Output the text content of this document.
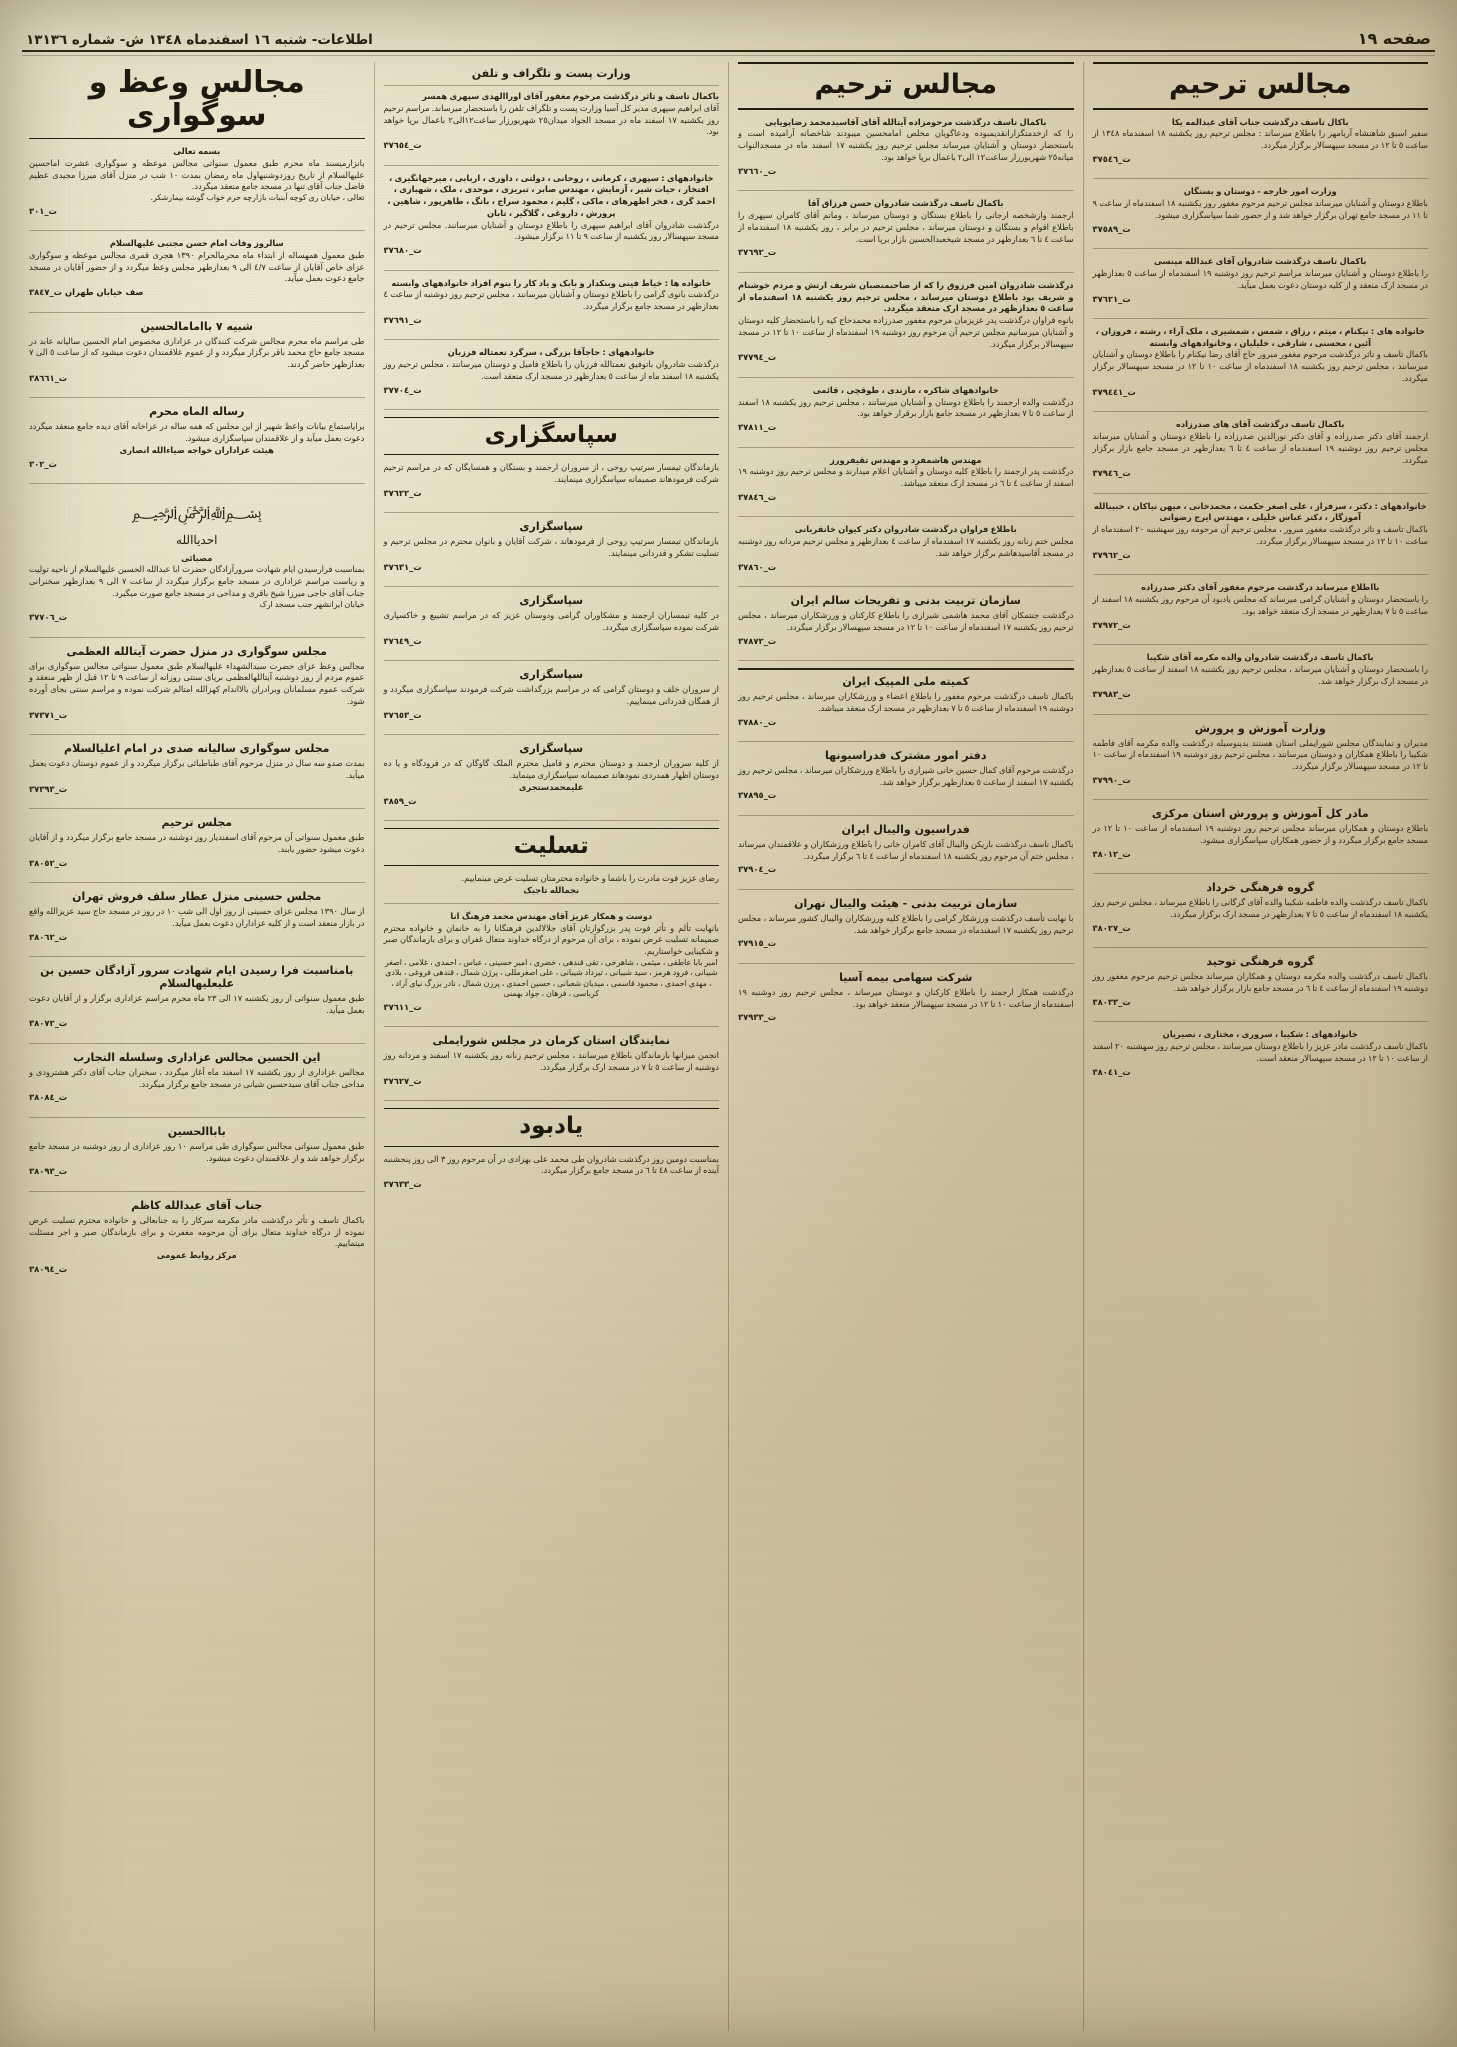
صفحه ١٩
اطلاعات- شنبه ١٦ اسفندماه ١٣٤٨ ش- شماره ١٣١٣٦
مجالس ترحیم

باکال تاسف درگذشت جناب آقای عبدالمه یکا

سفیر اسبق شاهنشاه آریامهر را باطلاع میرساند : مجلس ترحیم روز یکشنبه ١٨ اسفندماه ١٣٤٨ از ساعت ٥ تا ١٢ در مسجد سپهسالار برگزار میگردد.

ت_٣٧٥٤٦

وزارت امور خارجه - دوستان و بستگان

باطلاع دوستان و آشنایان میرساند مجلس ترحیم مرحوم مغفور روز یکشنبه ١٨ اسفندماه از ساعت ٩ تا ١١ در مسجد جامع تهران برگزار خواهد شد و از حضور شما سپاسگزاری میشود.

ت_٣٧٥٨٩

باکمال تاسف درگذشت شادروان آقای عبدالله مینسی

را باطلاع دوستان و آشنایان میرساند مراسم ترحیم روز دوشنبه ١٩ اسفندماه از ساعت ٥ بعدازظهر در مسجد ارک منعقد و از کلیه دوستان دعوت بعمل میآید.

ت_٣٧٦٢١

خانواده های : نیکنام ، میثم ، رزاق ، شمس ، شمشیری ، ملک آراء ، رشته ، فروزان ، آئین ، محسنی ، شارقی ، خلیلیان ، وخانوادههای وابسته

باکمال تاسف و تاثر درگذشت مرحوم مغفور مبرور حاج آقای رضا نیکنام را باطلاع دوستان و آشنایان میرسانند ، مجلس ترحیم روز یکشنبه ١٨ اسفندماه از ساعت ١٠ تا ١٢ در مسجد سپهسالار برگزار میگردد.

ت_٣٧٩٤٤١

باکمال تاسف درگذشت آقای های صدرزاده

ارجمند آقای دکتر صدرزاده و آقای دکتر نورالدین صدرزاده را باطلاع دوستان و آشنایان میرساند مجلس ترحیم روز دوشنبه ١٩ اسفندماه از ساعت ٤ تا ٦ بعدازظهر در مسجد جامع بازار برگزار میگردد.

ت_٣٧٩٤٦

خانوادههای : دکتر ، سرفراز ، علی اصغر حکمت ، محمدخانی ، میهن نیاکان ، حبیبالله آموزگار ، دکتر عباس خلیلی ، مهندس ایرج رضوانی

باکمال تاسف و تاثر درگذشت مغفور مبرور ، مجلس ترحیم آن مرحومه روز سهشنبه ٢٠ اسفندماه از ساعت ١٠ تا ١٢ در مسجد سپهسالار برگزار میگردد.

ت_٣٧٩٦٢

بااطلاع میرساند درگذشت مرحوم مغفور آقای دکتر صدرزاده

را باستحضار دوستان و آشنایان گرامی میرساند که مجلس یادبود آن مرحوم روز یکشنبه ١٨ اسفند از ساعت ٥ تا ٧ بعدازظهر در مسجد ارک منعقد خواهد بود.

ت_٣٧٩٧٢

باکمال تاسف درگذشت شادروان والده مکرمه آقای شکیبا

را باستحضار دوستان و آشنایان میرساند ، مجلس ترحیم روز یکشنبه ١٨ اسفند از ساعت ٥ بعدازظهر در مسجد ارک برگزار خواهد شد.

ت_٣٧٩٨٣

وزارت آموزش و پرورش

مدیران و نمایندگان مجلس شورایملی استان هستند بدینوسیله درگذشت والده مکرمه آقای فاطمه شکیبا را باطلاع همکاران و دوستان میرسانند ، مجلس ترحیم روز دوشنبه ١٩ اسفندماه از ساعت ١٠ تا ١٢ در مسجد سپهسالار برگزار میگردد.

ت_٣٧٩٩٠

مادر کل آموزش و پرورش استان مرکزی

باطلاع دوستان و همکاران میرساند مجلس ترحیم روز دوشنبه ١٩ اسفندماه از ساعت ١٠ تا ١٢ در مسجد جامع برگزار میگردد و از حضور همکاران سپاسگزاری میشود.

ت_٣٨٠١٢

گروه فرهنگی خرداد

باکمال تاسف درگذشت والده فاطمه شکیبا والده آقای گرگانی را باطلاع میرساند ، مجلس ترحیم روز یکشنبه ١٨ اسفندماه از ساعت ٥ تا ٧ بعدازظهر در مسجد ارک برگزار میگردد.

ت_٣٨٠٢٧

گروه فرهنگی توحید

باکمال تاسف درگذشت والده مکرمه دوستان و همکاران میرساند مجلس ترحیم مرحوم مغفور روز دوشنبه ١٩ اسفندماه از ساعت ٤ تا ٦ در مسجد جامع بازار برگزار خواهد شد.

ت_٣٨٠٣٣

خانوادههای : شکیبا ، سروری ، مختاری ، نصیریان

باکمال تاسف درگذشت مادر عزیز را باطلاع دوستان میرسانند ، مجلس ترحیم روز سهشنبه ٢٠ اسفند از ساعت ١٠ تا ١٢ در مسجد سپهسالار منعقد است.

ت_٣٨٠٤١

مجالس ترحیم

باکمال تاسف درگذشت مرحومزاده آیتالله آقای آقاسیدمحمد رضاپویایی

را که ازخدمتگزارانقدیمبوده ودعاگویان مخلص امامحسین میبودند شاخصانه آرامیده است و باستحضار دوستان و آشنایان میرساند مجلس ترحیم روز یکشنبه ١٧ اسفند ماه در مسجدالنواب میانه٢٥ شهریورزار ساعت١٢ الی٢ باعمال برپا خواهد بود.

ت_٣٧٦٦٠

باکمال تاسف درگذشت شادروان حسن فرزاق آقا

ارجمند وازشخصه ارجانی را باطلاع بستگان و دوستان میرساند ، وماتم آقای کامران سپهری را باطلاع اقوام و بستگان و دوستان میرساند ، مجلس ترحیم در برابر ، روز یکشنبه ١٨ اسفندماه از ساعت ٤ تا ٦ بعدازظهر در مسجد شیخعبدالحسین بازار برپا است.

ت_٣٧٦٩٢

درگذشت شادروان امین فرزوق را که از صاحبمنصبان شریف ارتش و مردم خوشنام و شریف بود باطلاع دوستان میرساند ، مجلس ترحیم روز یکشنبه ١٨ اسفندماه از ساعت ٥ بعدازظهر در مسجد ارک منعقد میگردد.

بانوه فراوان درگذشت پدر عزیزمان مرحوم مغفور صدرزاده محمدحاج کیه را باستحضار کلیه دوستان و آشنایان میرسانیم مجلس ترحیم آن مرحوم روز دوشنبه ١٩ اسفندماه از ساعت ١٠ تا ١٢ در مسجد سپهسالار برگزار میگردد.

ت_٣٧٧٩٤

خانوادههای شاکره ، مازندی ، طوقچی ، قائمی

درگذشت والده ارجمند را باطلاع دوستان و آشنایان میرسانند ، مجلس ترحیم روز یکشنبه ١٨ اسفند از ساعت ٥ تا ٧ بعدازظهر در مسجد جامع بازار برقرار خواهد بود.

ت_٣٧٨١١

مهندس هاشمفرد و مهندس تقیفرورز

درگذشت پدر ارجمند را باطلاع کلیه دوستان و آشنایان اعلام میدارند و مجلس ترحیم روز دوشنبه ١٩ اسفند از ساعت ٤ تا ٦ در مسجد ارک منعقد میباشد.

ت_٣٧٨٤٦

باطلاع فراوان درگذشت شادروان دکتر کیوان خانقربانی

مجلس ختم زنانه روز یکشنبه ١٧ اسفندماه از ساعت ٤ بعدازظهر و مجلس ترحیم مردانه روز دوشنبه در مسجد آقاسیدهاشم برگزار خواهد شد.

ت_٣٧٨٦٠

سازمان تربیت بدنی و تفریحات سالم ایران

درگذشت جنتمکان آقای محمد هاشمی شیرازی را باطلاع کارکنان و ورزشکاران میرساند ، مجلس ترحیم روز یکشنبه ١٧ اسفندماه از ساعت ١٠ تا ١٢ در مسجد سپهسالار برگزار میگردد.

ت_٣٧٨٧٢

کمیته ملی المپیک ایران

باکمال تاسف درگذشت مرحوم مغفور را باطلاع اعضاء و ورزشکاران میرساند ، مجلس ترحیم روز دوشنبه ١٩ اسفندماه از ساعت ٥ تا ٧ بعدازظهر در مسجد ارک منعقد میباشد.

ت_٣٧٨٨٠

دفتر امور مشترک فدراسیونها

درگذشت مرحوم آقای کمال حسین خانی شیرازی را باطلاع ورزشکاران میرساند ، مجلس ترحیم روز یکشنبه ١٧ اسفند از ساعت ٥ بعدازظهر برگزار خواهد شد.

ت_٣٧٨٩٥

فدراسیون والیبال ایران

باکمال تاسف درگذشت بازیکن والیبال آقای کامران خانی را باطلاع ورزشکاران و علاقمندان میرساند ، مجلس ختم آن مرحوم روز یکشنبه ١٨ اسفندماه از ساعت ٤ تا ٦ برگزار میگردد.

ت_٣٧٩٠٤

سازمان تربیت بدنی - هیئت والیبال تهران

با نهایت تأسف درگذشت ورزشکار گرامی را باطلاع کلیه ورزشکاران والیبال کشور میرساند ، مجلس ترحیم روز یکشنبه ١٧ اسفندماه در مسجد جامع برگزار خواهد شد.

ت_٣٧٩١٥

شرکت سهامی بیمه آسیا

درگذشت همکار ارجمند را باطلاع کارکنان و دوستان میرساند ، مجلس ترحیم روز دوشنبه ١٩ اسفندماه از ساعت ١٠ تا ١٢ در مسجد سپهسالار منعقد خواهد بود.

ت_٣٧٩٣٣

وزارت پست و تلگراف و تلفن

باکمال تاسف و تاثر درگذشت مرحوم مغفور آقای اوراالهدی سپهری همسر

آقای ابراهیم سپهری مدیر کل آسیا وزارت پست و تلگراف تلفن را باستحضار میرساند. مراسم ترحیم روز یکشنبه ١٧ اسفند ماه در مسجد الجواد میدان٢٥ شهریورزار ساعت١٢الی٢ باعمال برپا خواهد بود.

ت_٣٧٦٥٤

خانوادههای : سپهری ، کرمانی ، روحانی ، دولتی ، داوری ، اربابی ، میرجهانگیری ، افتخار ، حیات شیر ، آزمایش ، مهندس صابر ، تبریزی ، موحدی ، ملک ، شهبازی ، احمد گری ، فخر اظهرهای ، ماکی ، گلیم ، محمود سراج ، بانگ ، طاهرپور ، شاهین ، پرورش ، داروغی ، گلاگیر ، تابان

درگذشت شادروان آقای ابراهیم سپهری را باطلاع دوستان و آشنایان میرسانند. مجلس ترحیم در مسجد سپهسالار روز یکشنبه از ساعت ٩ تا ١١ برگزار میشود.

ت_٣٧٦٨٠

خانواده ها : خیاط فینی وبنکدار و بابک و یاد کار را بنوم افراد خانوادههای وابسته

درگذشت بانوی گرامی را باطلاع دوستان و آشنایان میرسانند ، مجلس ترحیم روز دوشنبه از ساعت ٤ بعدازظهر در مسجد جامع برگزار میگردد.

ت_٣٧٦٩١

خانوادههای : حاجآقا بزرگی ، سرگرد نعمتاله فرزبان

درگذشت شادروان باتوفیق نعمتالله فرزبان را باطلاع فامیل و دوستان میرسانند ، مجلس ترحیم روز یکشنبه ١٨ اسفند ماه از ساعت ٥ بعدازظهر در مسجد ارک منعقد است.

ت_٣٧٧٠٤

سپاسگزاری

بازماندگان تیمسار سرتیپ روحی ، از سروران ارجمند و بستگان و همسایگان که در مراسم ترحیم شرکت فرمودهاند صمیمانه سپاسگزاری مینمایند.

ت_٣٧٦٢٢

سپاسگزاری

بازماندگان تیمسار سرتیپ روحی از فرمودهاند ، شرکت آقایان و بانوان محترم در مجلس ترحیم و تسلیت تشکر و قدردانی مینمایند.

ت_٣٧٦٣١

سپاسگزاری

در کلیه تیمساران ارجمند و مشکاوران گرامی ودوستان عزیز که در مراسم تشییع و خاکسپاری شرکت نموده سپاسگزاری میگردد.

ت_٣٧٦٤٩

سپاسگزاری

از سروران خلف و دوستان گرامی که در مراسم بزرگداشت شرکت فرمودند سپاسگزاری میگردد و از همگان قدردانی مینماییم.

ت_٣٧٦٥٣

سپاسگزاری

از کلیه سروران ارجمند و دوستان محترم و فامیل محترم الملک گاوگان که در فرودگاه و یا ده دوستان اظهار همدردی نمودهاند صمیمانه سپاسگزاری مینماید.

علیمحمدستجری

ت_٣٨٥٩

تسلیت

رضای عزیز فوت مادرت را باشما و خانواده محترمتان تسلیت عرض مینماییم.

نجمالله تاجیک

دوست و همکار عزیز آقای مهندس محمد فرهنگ انا

بانهایت تألم و تأثر فوت پدر بزرگوارتان آقای جلالالدین فرهنگانا را به خانمان و خانواده محترم صمیمانه تسلیت عرض نموده ، برای آن مرحوم از درگاه خداوند متعال غفران و برای بازماندگان صبر و شکیبایی خواستاریم.

امیر بابا عاطفی ، میثمی ، شاهرخی ، تقی قندهی ، خضری ، امیر حسینی ، عباس ، احمدی ، غلامی ، اصغر شیبانی ، فرود هرمز ، سید شیبانی ، تیرداد شیبانی ، علی اصغرمللی ، پرژن شمال ، قندهی فروغی ، بلادی ، مهدی احمدی ، محمود قاسمی ، میدیان شعبانی ، حسین احمدی ، پرزن شمال ، نادر بزرگ نیای آزاد ، کرباسی ، فرهان ، جواد بهمنی

ت_٣٧٦١١

نمایندگان استان کرمان در مجلس شورایملی

انجمن میزانها بازماندگان باطلاع میرسانند ، مجلس ترحیم زنانه روز یکشنبه ١٧ اسفند و مردانه روز دوشنبه از ساعت ٥ تا ٧ در مسجد ارک برگزار میگردد.

ت_٣٧٦٢٧

یادبود

بمناسبت دومین روز درگذشت شادروان طی محمد علی بهزادی در آن مرحوم روز ٣ الی روز پنجشنبه آینده از ساعت ٤٨ تا ٦ در مسجد جامع برگزار میگردد.

ت_٣٧٦٣٣

مجالس وعظ و سوگواری

بسمه تعالی

بانزارمیسند ماه محرم طبق معمول سنواتی مجالس موعظه و سوگواری عشرت اماحسین علیهالسلام از تاریخ روزدوشنبهاول ماه رمضان بمدت ١٠ شب در منزل آقای میرزا مجیدی عظیم فاضل جناب آقای تنها در مسجد جامع منعقد میگردد.

تعالی ، خیابان ری کوچه آبنبات بازارچه حرم خواب گوشه بیمارشکر.

ت_٣٠١

سالروز وفات امام حسن مجتبی علیهالسلام

طبق معمول همهساله از ابتداء ماه محرمالحرام ١٣٩٠ هجری قمری مجالس موعظه و سوگواری عزای خاص آقایان از ساعت ٤/٧ الی ٩ بعدازظهر مجلس وعظ میگردد و از حضور آقایان در مسجد جامع دعوت بعمل میآید.

صف خیابان طهران ت_٣٨٤٧

شبیه ٧ باامامالحسین

طی مراسم ماه محرم مجالس شرکت کنندگان در عزاداری مخصوص امام الحسین سالیانه عابد در مسجد جامع حاج محمد باقر برگزار میگردد و از عموم علاقمندان دعوت میشود که از ساعت ٥ الی ٧ بعدازظهر حاضر گردند.

ت_٣٨٦٦١

رساله الماه محرم

برایاستماع بیانات واعظ شهیر از این مجلس که همه ساله در عزاخانه آقای دیده جامع منعقد میگردد دعوت بعمل میآید و از علاقمندان سپاسگزاری میشود.

هیئت عزاداران خواجه ضیاءالله انصاری

ت_٣٠٢

﷽
احدیاالله

مصبائی

بمناسبت فرارسیدن ایام شهادت سرورآزادگان حضرت ابا عبدالله الحسین علیهالسلام از ناحیه تولیت و ریاست مراسم عزاداری در مسجد جامع برگزار میگردد از ساعت ٧ الی ٩ بعدازظهر سخنرانی جناب آقای حاجی میرزا شیخ باقری و مداحی در مسجد جامع صورت میگیرد.

خیابان ایرانشهر جنب مسجد ارک

ت_٣٧٧٠٦

مجلس سوگواری در منزل حضرت آیتالله العظمی

مجالس وعظ عزای حضرت سیدالشهداء علیهالسلام طبق معمول سنواتی مجالس سوگواری برای عموم مردم از روز دوشنبه آیتاللهالعظمی برپای سنتی روزانه از ساعت ٩ تا ١٢ قبل از ظهر منعقد و شرکت عموم مسلمانان وبرادران بالااندام کهزالله امتالم شرکت نموده و مراسم سنتی بجای آورده شود.

ت_٣٧٣٧١

مجلس سوگواری سالیانه صدی در امام اعلیالسلام

بمدت صدو سه سال در منزل مرحوم آقای طباطبائی برگزار میگردد و از عموم دوستان دعوت بعمل میآید.

ت_٣٧٣٩٣

مجلس ترحیم

طبق معمول سنواتی آن مرحوم آقای اسفندیار روز دوشنبه در مسجد جامع برگزار میگردد و از آقایان دعوت میشود حضور یابند.

ت_٣٨٠٥٢

مجلس حسینی منزل عطار سلف فروش تهران

از سال ١٣٩٠ مجلس عزای حسینی از روز اول الی شب ١٠ در روز در مسجد حاج سید عزیزالله واقع در بازار منعقد است و از کلیه عزاداران دعوت بعمل میآید.

ت_٣٨٠٦٢

بامناسبت فرا رسیدن ایام شهادت سرور آزادگان حسین بن علیعلیهالسلام

طبق معمول سنواتی از روز یکشنبه ١٧ الی ٢٣ ماه محرم مراسم عزاداری برگزار و از آقایان دعوت بعمل میآید.

ت_٣٨٠٧٢

این الحسین مجالس عزاداری وسلسله التجارب

مجالس عزاداری از روز یکشنبه ١٧ اسفند ماه آغاز میگردد ، سخنران جناب آقای دکتر هشترودی و مداحی جناب آقای سیدحسین شیانی در مسجد جامع برگزار میگردد.

ت_٣٨٠٨٤

باباالحسین

طبق معمول سنواتی مجالس سوگواری طی مراسم ١٠ روز عزاداری از روز دوشنبه در مسجد جامع برگزار خواهد شد و از علاقمندان دعوت میشود.

ت_٣٨٠٩٣

جناب آقای عبدالله کاظم

باکمال تاسف و تأثر درگذشت مادر مکرمه سرکار را به جنابعالی و خانواده محترم تسلیت عرض نموده از درگاه خداوند متعال برای آن مرحومه مغفرت و برای بازماندگان صبر و اجر مسئلت مینماییم.

مرکز روابط عمومی

ت_٣٨٠٩٤
